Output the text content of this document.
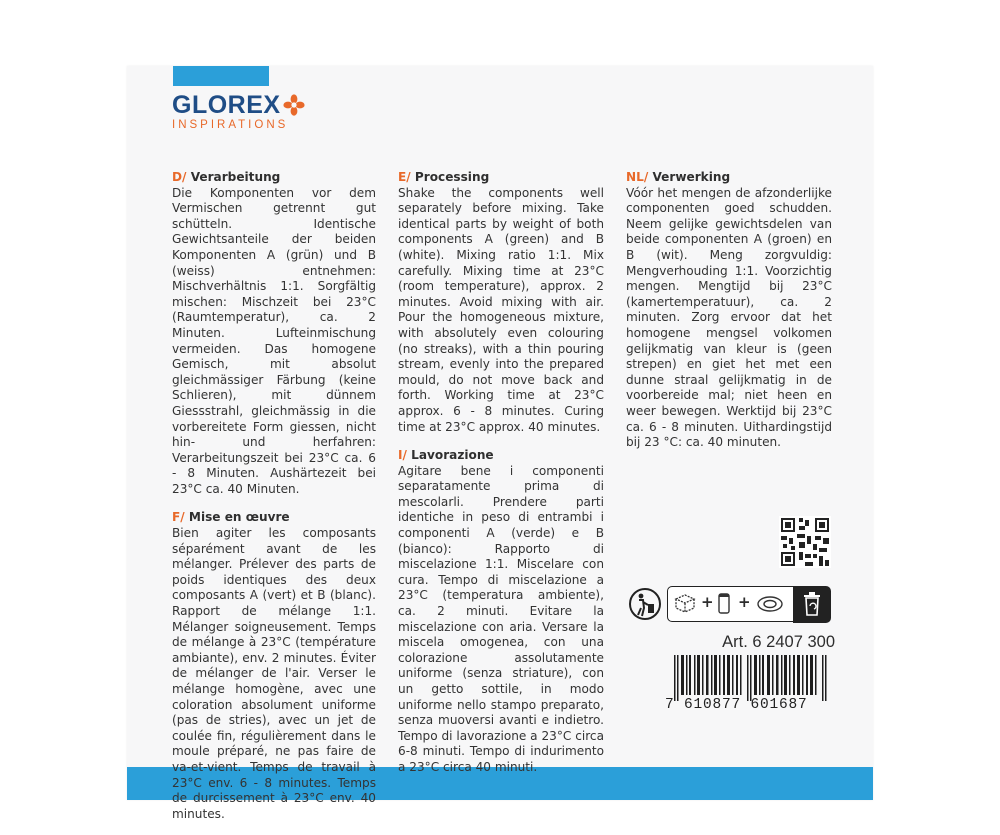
GLOREX
INSPIRATIONS
D/ Verarbeitung
Die Komponenten vor dem Vermischen getrennt gut schütteln. Identische Gewichtsanteile der beiden Komponenten A (grün) und B (weiss) entnehmen: Mischverhältnis 1:1. Sorgfältig mischen: Mischzeit bei 23°C (Raumtemperatur), ca. 2 Minuten. Lufteinmischung vermeiden. Das homogene Gemisch, mit absolut gleichmässiger Färbung (keine Schlieren), mit dünnem Giessstrahl, gleichmässig in die vorbereitete Form giessen, nicht hin- und herfahren: Verarbeitungszeit bei 23°C ca. 6 - 8 Minuten. Aushärtezeit bei 23°C ca. 40 Minuten.
F/ Mise en œuvre
Bien agiter les composants séparément avant de les mélanger. Prélever des parts de poids identiques des deux composants A (vert) et B (blanc). Rapport de mélange 1:1. Mélanger soigneusement. Temps de mélange à 23°C (température ambiante), env. 2 minutes. Éviter de mélanger de l'air. Verser le mélange homogène, avec une coloration absolument uniforme (pas de stries), avec un jet de coulée fin, régulièrement dans le moule préparé, ne pas faire de va-et-vient. Temps de travail à 23°C env. 6 - 8 minutes. Temps de durcissement à 23°C env. 40 minutes.
E/ Processing
Shake the components well separately before mixing. Take identical parts by weight of both components A (green) and B (white). Mixing ratio 1:1. Mix carefully. Mixing time at 23°C (room temperature), approx. 2 minutes. Avoid mixing with air. Pour the homogeneous mixture, with absolutely even colouring (no streaks), with a thin pouring stream, evenly into the prepared mould, do not move back and forth. Working time at 23°C approx. 6 - 8 minutes. Curing time at 23°C approx. 40 minutes.
I/ Lavorazione
Agitare bene i componenti separatamente prima di mescolarli. Prendere parti identiche in peso di entrambi i componenti A (verde) e B (bianco): Rapporto di miscelazione 1:1. Miscelare con cura. Tempo di miscelazione a 23°C (temperatura ambiente), ca. 2 minuti. Evitare la miscelazione con aria. Versare la miscela omogenea, con una colorazione assolutamente uniforme (senza striature), con un getto sottile, in modo uniforme nello stampo preparato, senza muoversi avanti e indietro. Tempo di lavorazione a 23°C circa 6-8 minuti. Tempo di indurimento a 23°C circa 40 minuti.
NL/ Verwerking
Vóór het mengen de afzonderlijke componenten goed schudden. Neem gelijke gewichtsdelen van beide componenten A (groen) en B (wit). Meng zorgvuldig: Mengverhouding 1:1. Voorzichtig mengen. Mengtijd bij 23°C (kamertemperatuur), ca. 2 minuten. Zorg ervoor dat het homogene mengsel volkomen gelijkmatig van kleur is (geen strepen) en giet het met een dunne straal gelijkmatig in de voorbereide mal; niet heen en weer bewegen. Werktijd bij 23°C ca. 6 - 8 minuten. Uithardingstijd bij 23 °C: ca. 40 minuten.
+ +
Art. 6 2407 300
7 610877 601687
